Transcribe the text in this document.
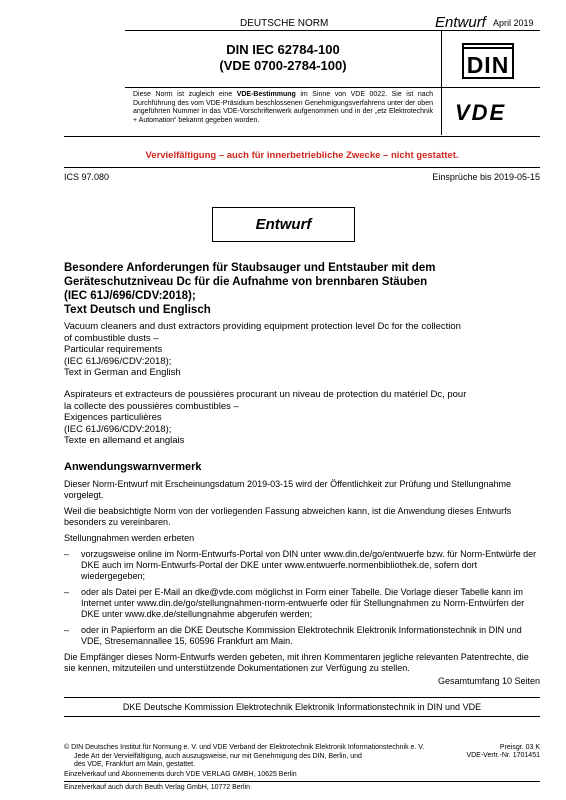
DEUTSCHE NORM	Entwurf April 2019
DIN IEC 62784-100
(VDE 0700-2784-100)	DIN
Diese Norm ist zugleich eine VDE-Bestimmung im Sinne von VDE 0022. Sie ist nach Durchführung des vom VDE-Präsidium beschlossenen Genehmigungsverfahrens unter der oben angeführten Nummer in das VDE-Vorschriftenwerk aufgenommen und in der „etz Elektrotechnik + Automation“ bekannt gegeben worden.	VDE
Vervielfältigung – auch für innerbetriebliche Zwecke – nicht gestattet.
ICS 97.080	Einsprüche bis 2019-05-15
Entwurf
Besondere Anforderungen für Staubsauger und Entstauber mit dem
Geräteschutzniveau Dc für die Aufnahme von brennbaren Stäuben
(IEC 61J/696/CDV:2018);
Text Deutsch und Englisch
Vacuum cleaners and dust extractors providing equipment protection level Dc for the collection
of combustible dusts –
Particular requirements
(IEC 61J/696/CDV:2018);
Text in German and English
Aspirateurs et extracteurs de poussières procurant un niveau de protection du matériel Dc, pour
la collecte des poussières combustibles –
Exigences particulières
(IEC 61J/696/CDV:2018);
Texte en allemand et anglais
Anwendungswarnvermerk
Dieser Norm-Entwurf mit Erscheinungsdatum 2019-03-15 wird der Öffentlichkeit zur Prüfung und Stellungnahme vorgelegt.
Weil die beabsichtigte Norm von der vorliegenden Fassung abweichen kann, ist die Anwendung dieses Entwurfs besonders zu vereinbaren.
Stellungnahmen werden erbeten
– vorzugsweise online im Norm-Entwurfs-Portal von DIN unter www.din.de/go/entwuerfe bzw. für Norm-Entwürfe der DKE auch im Norm-Entwurfs-Portal der DKE unter www.entwuerfe.normenbibliothek.de, sofern dort wiedergegeben;
– oder als Datei per E-Mail an dke@vde.com möglichst in Form einer Tabelle. Die Vorlage dieser Tabelle kann im Internet unter www.din.de/go/stellungnahmen-norm-entwuerfe oder für Stellungnahmen zu Norm-Entwürfen der DKE unter www.dke.de/stellungnahme abgerufen werden;
– oder in Papierform an die DKE Deutsche Kommission Elektrotechnik Elektronik Informationstechnik in DIN und VDE, Stresemannallee 15, 60596 Frankfurt am Main.
Die Empfänger dieses Norm-Entwurfs werden gebeten, mit ihren Kommentaren jegliche relevanten Patentrechte, die sie kennen, mitzuteilen und unterstützende Dokumentationen zur Verfügung zu stellen.
Gesamtumfang 10 Seiten
DKE Deutsche Kommission Elektrotechnik Elektronik Informationstechnik in DIN und VDE
© DIN Deutsches Institut für Normung e. V. und VDE Verband der Elektrotechnik Elektronik Informationstechnik e. V.
Jede Art der Vervielfältigung, auch auszugsweise, nur mit Genehmigung des DIN, Berlin, und
des VDE, Frankfurt am Main, gestattet.
Preisgr. 03 K
VDE-Vertr.-Nr. 1701451
Einzelverkauf und Abonnements durch VDE VERLAG GMBH, 10625 Berlin
Einzelverkauf auch durch Beuth Verlag GmbH, 10772 Berlin
